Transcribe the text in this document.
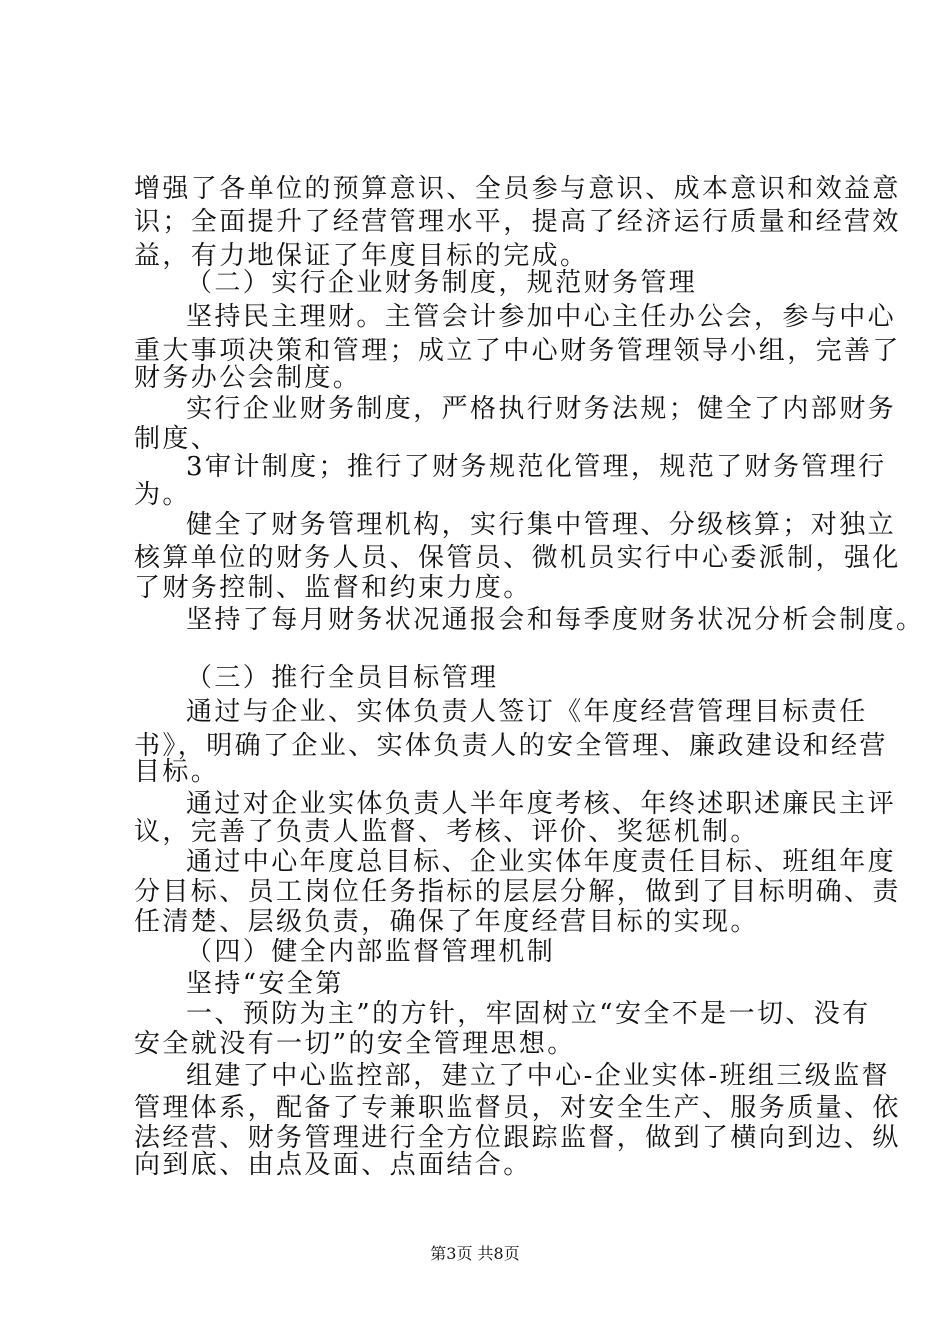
增强了各单位的预算意识、全员参与意识、成本意识和效益意
识；全面提升了经营管理水平，提高了经济运行质量和经营效
益，有力地保证了年度目标的完成。
（二）实行企业财务制度，规范财务管理
坚持民主理财。主管会计参加中心主任办公会，参与中心
重大事项决策和管理；成立了中心财务管理领导小组，完善了
财务办公会制度。
实行企业财务制度，严格执行财务法规；健全了内部财务
制度、
3审计制度；推行了财务规范化管理，规范了财务管理行
为。
健全了财务管理机构，实行集中管理、分级核算；对独立
核算单位的财务人员、保管员、微机员实行中心委派制，强化
了财务控制、监督和约束力度。
坚持了每月财务状况通报会和每季度财务状况分析会制度。
（三）推行全员目标管理
通过与企业、实体负责人签订《年度经营管理目标责任
书》，明确了企业、实体负责人的安全管理、廉政建设和经营
目标。
通过对企业实体负责人半年度考核、年终述职述廉民主评
议，完善了负责人监督、考核、评价、奖惩机制。
通过中心年度总目标、企业实体年度责任目标、班组年度
分目标、员工岗位任务指标的层层分解，做到了目标明确、责
任清楚、层级负责，确保了年度经营目标的实现。
（四）健全内部监督管理机制
坚持“安全第
一、预防为主”的方针，牢固树立“安全不是一切、没有
安全就没有一切”的安全管理思想。
组建了中心监控部，建立了中心-企业实体-班组三级监督
管理体系，配备了专兼职监督员，对安全生产、服务质量、依
法经营、财务管理进行全方位跟踪监督，做到了横向到边、纵
向到底、由点及面、点面结合。
第3页 共8页
